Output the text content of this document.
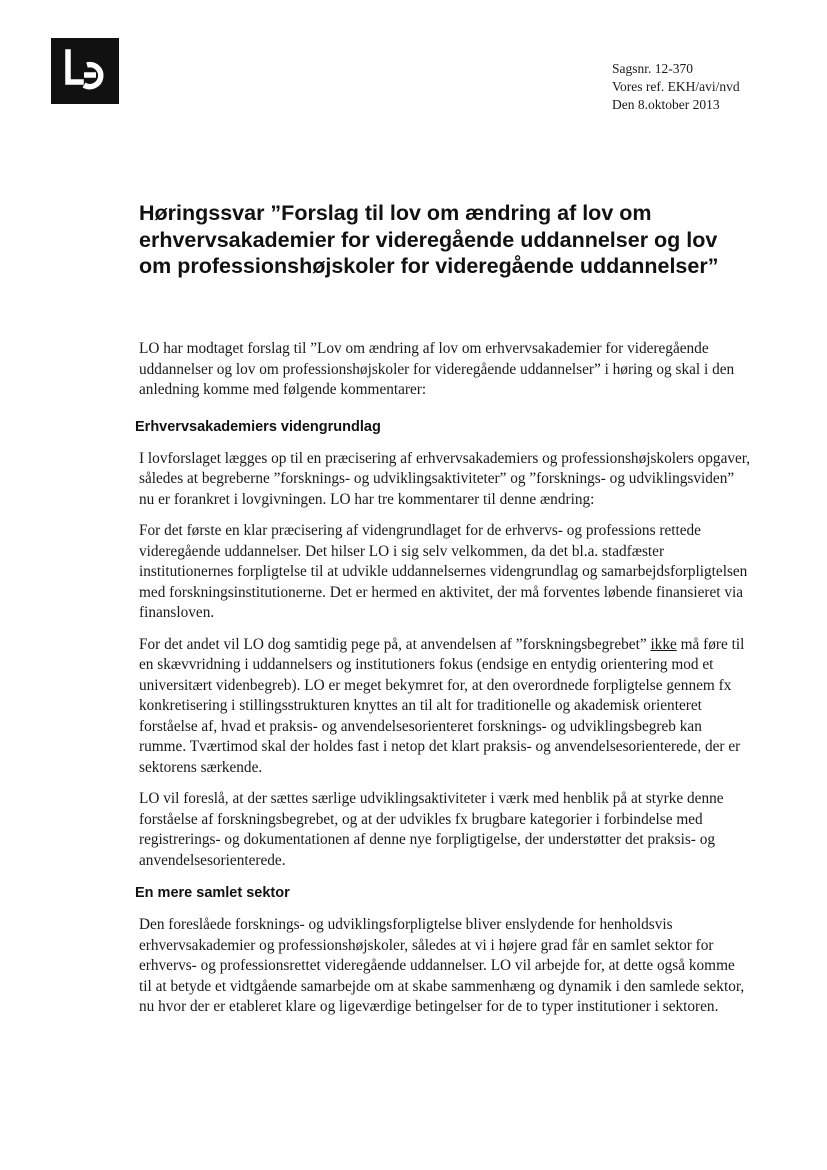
Sagsnr. 12-370
Vores ref. EKH/avi/nvd
Den 8.oktober 2013
Høringssvar ”Forslag til lov om ændring af lov om erhvervsakademier for videregående uddannelser og lov om professionshøjskoler for videregående uddannelser”

LO har modtaget forslag til ”Lov om ændring af lov om erhvervsakademier for videregående uddannelser og lov om professionshøjskoler for videregående uddannelser” i høring og skal i den anledning komme med følgende kommentarer:

Erhvervsakademiers videngrundlag

I lovforslaget lægges op til en præcisering af erhvervsakademiers og professionshøjskolers opgaver, således at begreberne ”forsknings- og udviklingsaktiviteter” og ”forsknings- og udviklingsviden” nu er forankret i lovgivningen. LO har tre kommentarer til denne ændring:

For det første en klar præcisering af videngrundlaget for de erhvervs- og professions rettede videregående uddannelser. Det hilser LO i sig selv velkommen, da det bl.a. stadfæster institutionernes forpligtelse til at udvikle uddannelsernes videngrundlag og samarbejdsforpligtelsen med forskningsinstitutionerne. Det er hermed en aktivitet, der må forventes løbende finansieret via finansloven.

For det andet vil LO dog samtidig pege på, at anvendelsen af ”forskningsbegrebet” ikke må føre til en skævvridning i uddannelsers og institutioners fokus (endsige en entydig orientering mod et universitært videnbegreb). LO er meget bekymret for, at den overordnede forpligtelse gennem fx konkretisering i stillingsstrukturen knyttes an til alt for traditionelle og akademisk orienteret forståelse af, hvad et praksis- og anvendelsesorienteret forsknings- og udviklingsbegreb kan rumme. Tværtimod skal der holdes fast i netop det klart praksis- og anvendelsesorienterede, der er sektorens særkende.

LO vil foreslå, at der sættes særlige udviklingsaktiviteter i værk med henblik på at styrke denne forståelse af forskningsbegrebet, og at der udvikles fx brugbare kategorier i forbindelse med registrerings- og dokumentationen af denne nye forpligtigelse, der understøtter det praksis- og anvendelsesorienterede.

En mere samlet sektor

Den foreslåede forsknings- og udviklingsforpligtelse bliver enslydende for henholdsvis erhvervsakademier og professionshøjskoler, således at vi i højere grad får en samlet sektor for erhvervs- og professionsrettet videregående uddannelser. LO vil arbejde for, at dette også komme til at betyde et vidtgående samarbejde om at skabe sammenhæng og dynamik i den samlede sektor, nu hvor der er etableret klare og ligeværdige betingelser for de to typer institutioner i sektoren.
